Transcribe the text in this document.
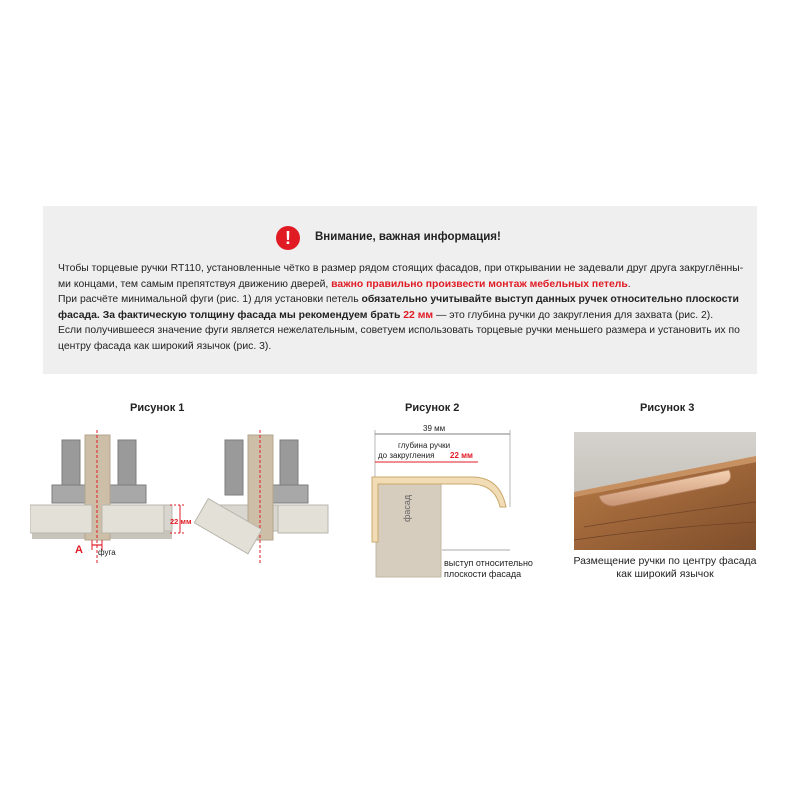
!	Внимание, важная информация!

Чтобы торцевые ручки RT110, установленные чётко в размер рядом стоящих фасадов, при открывании не задевали друг друга закруглённы- ми концами, тем самым препятствуя движению дверей, важно правильно произвести монтаж мебельных петель.

При расчёте минимальной фуги (рис. 1) для установки петель обязательно учитывайте выступ данных ручек относительно плоскости фасада. За фактическую толщину фасада мы рекомендуем брать 22 мм — это глубина ручки до закругления для захвата (рис. 2).

Если получившееся значение фуги является нежелательным, советуем использовать торцевые ручки меньшего размера и установить их по центру фасада как широкий язычок (рис. 3).

Рисунок 1	Рисунок 2	Рисунок 3
22 мм
А фуга
39 мм
глубина ручки
до закругления 22 мм
фасад
выступ относительно
плоскости фасада
Размещение ручки по центру фасада
как широкий язычок
